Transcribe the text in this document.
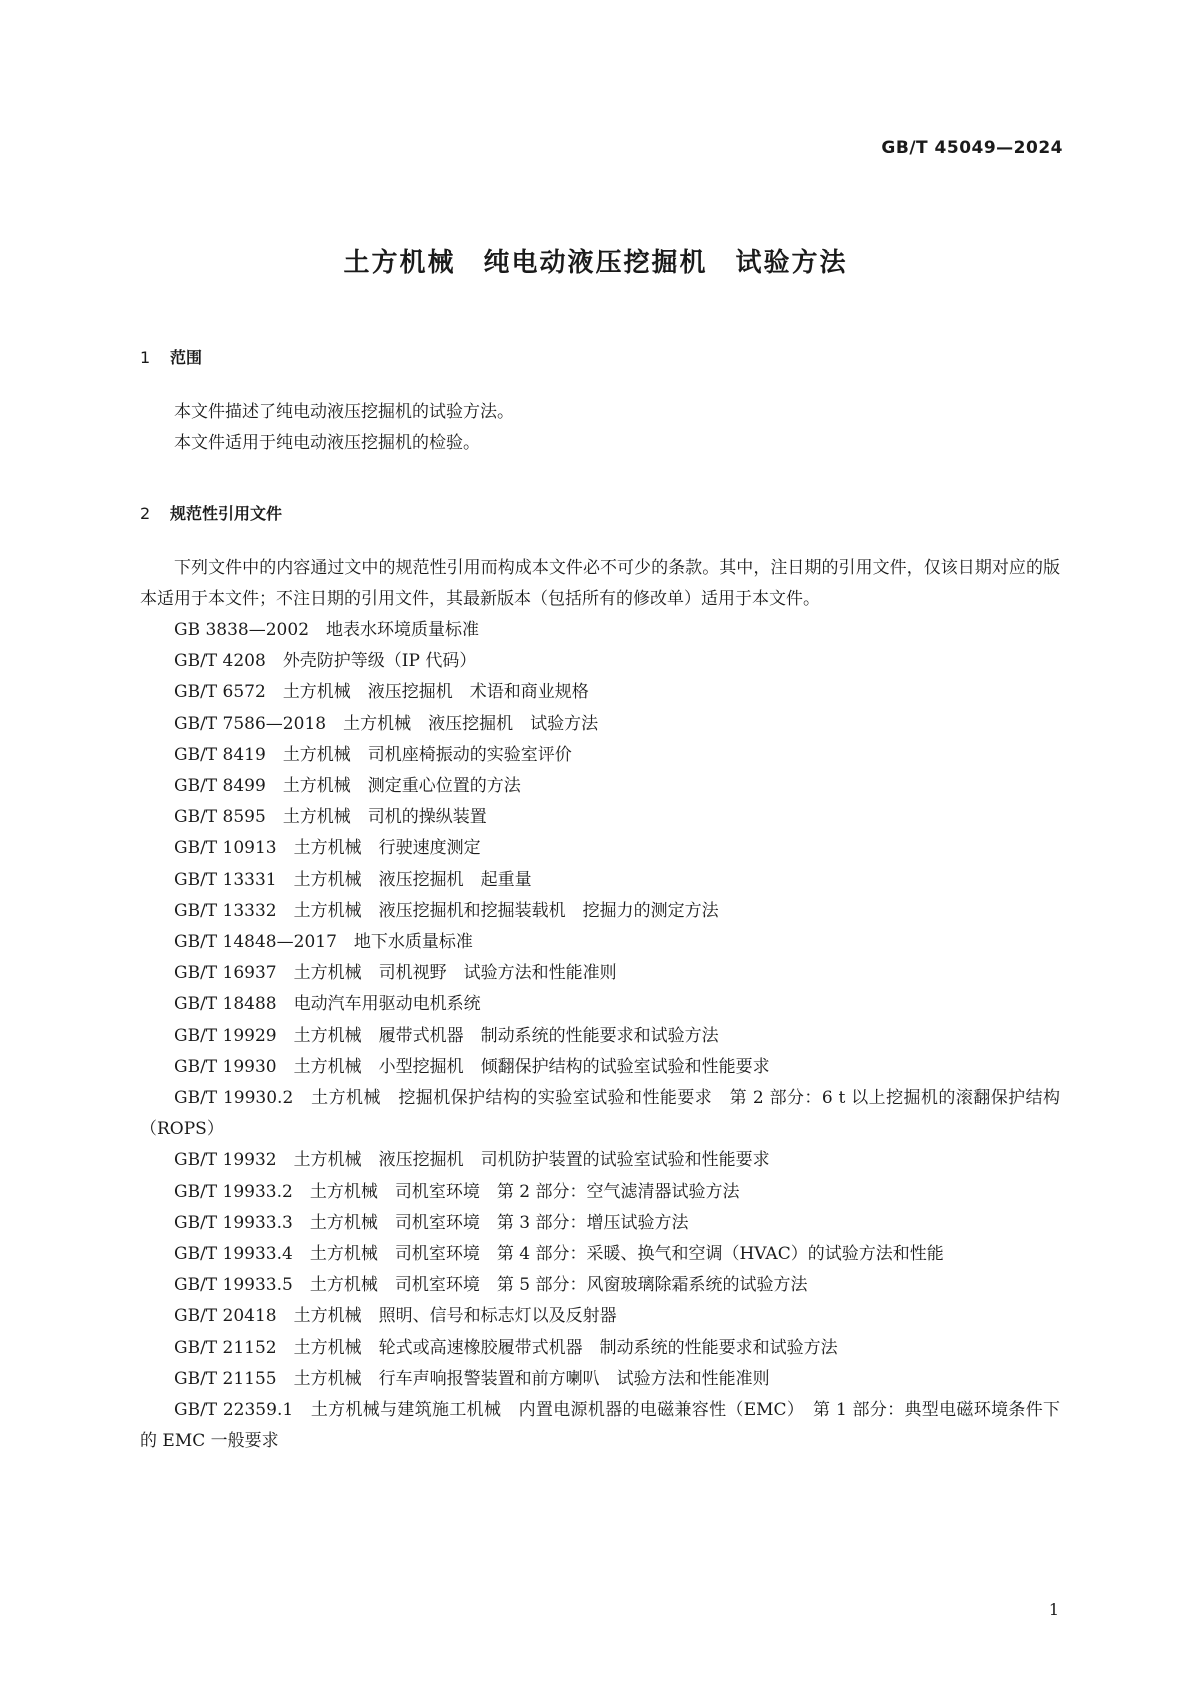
GB/T 45049—2024
土方机械　纯电动液压挖掘机　试验方法
1 范围

本文件描述了纯电动液压挖掘机的试验方法。

本文件适用于纯电动液压挖掘机的检验。

2 规范性引用文件

下列文件中的内容通过文中的规范性引用而构成本文件必不可少的条款。其中，注日期的引用文件，仅该日期对应的版本适用于本文件；不注日期的引用文件，其最新版本（包括所有的修改单）适用于本文件。

GB 3838—2002　 地表水环境质量标准
GB/T 4208　 外壳防护等级（IP 代码）
GB/T 6572　 土方机械　液压挖掘机　术语和商业规格
GB/T 7586—2018　 土方机械　液压挖掘机　试验方法
GB/T 8419　 土方机械　司机座椅振动的实验室评价
GB/T 8499　 土方机械　测定重心位置的方法
GB/T 8595　 土方机械　司机的操纵装置
GB/T 10913　 土方机械　行驶速度测定
GB/T 13331　 土方机械　液压挖掘机　起重量
GB/T 13332　 土方机械　液压挖掘机和挖掘装载机　挖掘力的测定方法
GB/T 14848—2017　 地下水质量标准
GB/T 16937　 土方机械　司机视野　试验方法和性能准则
GB/T 18488　 电动汽车用驱动电机系统
GB/T 19929　 土方机械　履带式机器　制动系统的性能要求和试验方法
GB/T 19930　 土方机械　小型挖掘机　倾翻保护结构的试验室试验和性能要求
GB/T 19930.2　 土方机械　挖掘机保护结构的实验室试验和性能要求　第 2 部分：6 t 以上挖掘机的滚翻保护结构（ROPS）
GB/T 19932　 土方机械　液压挖掘机　司机防护装置的试验室试验和性能要求
GB/T 19933.2　 土方机械　司机室环境　第 2 部分：空气滤清器试验方法
GB/T 19933.3　 土方机械　司机室环境　第 3 部分：增压试验方法
GB/T 19933.4　 土方机械　司机室环境　第 4 部分：采暖、换气和空调（HVAC）的试验方法和性能
GB/T 19933.5　 土方机械　司机室环境　第 5 部分：风窗玻璃除霜系统的试验方法
GB/T 20418　 土方机械　照明、信号和标志灯以及反射器
GB/T 21152　 土方机械　轮式或高速橡胶履带式机器　制动系统的性能要求和试验方法
GB/T 21155　 土方机械　行车声响报警装置和前方喇叭　试验方法和性能准则
GB/T 22359.1　 土方机械与建筑施工机械　内置电源机器的电磁兼容性（EMC）　第 1 部分：典型电磁环境条件下的 EMC 一般要求
1
